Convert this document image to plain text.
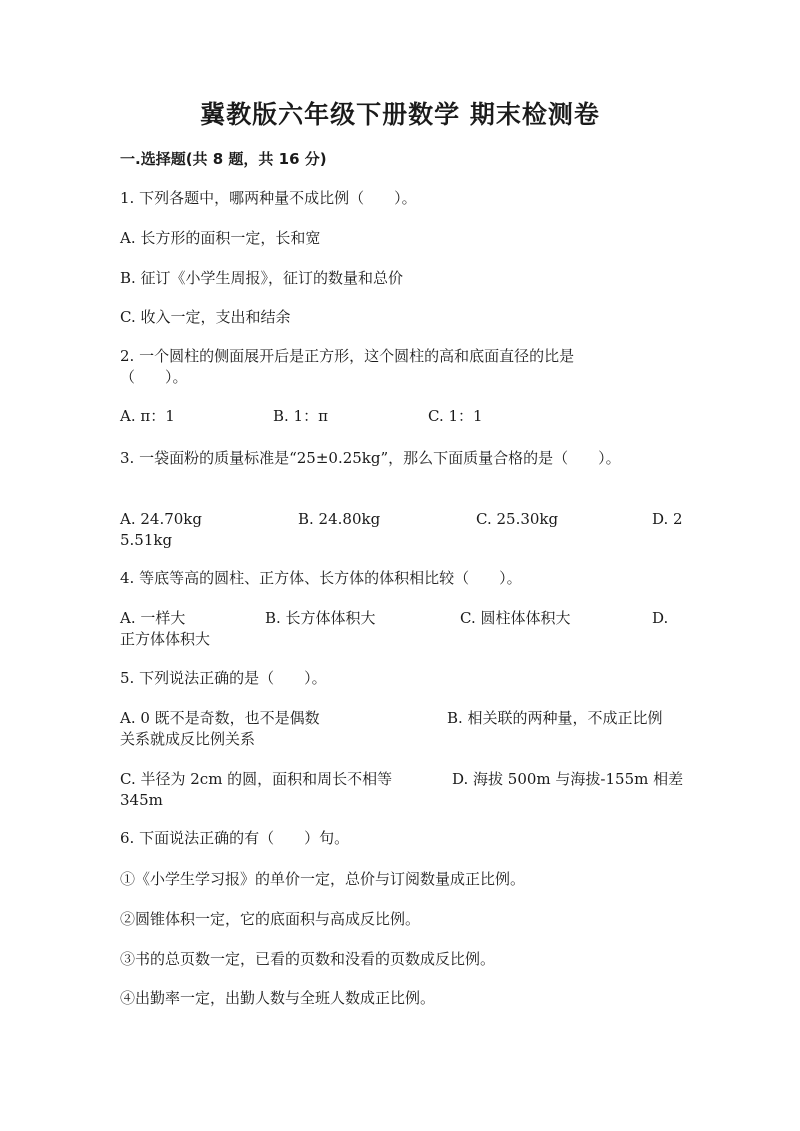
冀教版六年级下册数学 期末检测卷
一.选择题(共 8 题，共 16 分)
1. 下列各题中，哪两种量不成比例（　　）。
A. 长方形的面积一定，长和宽
B. 征订《小学生周报》，征订的数量和总价
C. 收入一定，支出和结余
2. 一个圆柱的侧面展开后是正方形，这个圆柱的高和底面直径的比是
（　　）。
A. π：1	B. 1：π	C. 1：1
3. 一袋面粉的质量标准是“25±0.25kg”，那么下面质量合格的是（　　）。
A. 24.70kg	B. 24.80kg	C. 25.30kg	D. 2
5.51kg
4. 等底等高的圆柱、正方体、长方体的体积相比较（　　）。
A. 一样大	B. 长方体体积大	C. 圆柱体体积大	D.
正方体体积大
5. 下列说法正确的是（　　）。
A. 0 既不是奇数，也不是偶数	B. 相关联的两种量，不成正比例
关系就成反比例关系
C. 半径为 2cm 的圆，面积和周长不相等	D. 海拔 500m 与海拔-155m 相差
345m
6. 下面说法正确的有（　　）句。
①《小学生学习报》的单价一定，总价与订阅数量成正比例。
②圆锥体积一定，它的底面积与高成反比例。
③书的总页数一定，已看的页数和没看的页数成反比例。
④出勤率一定，出勤人数与全班人数成正比例。
